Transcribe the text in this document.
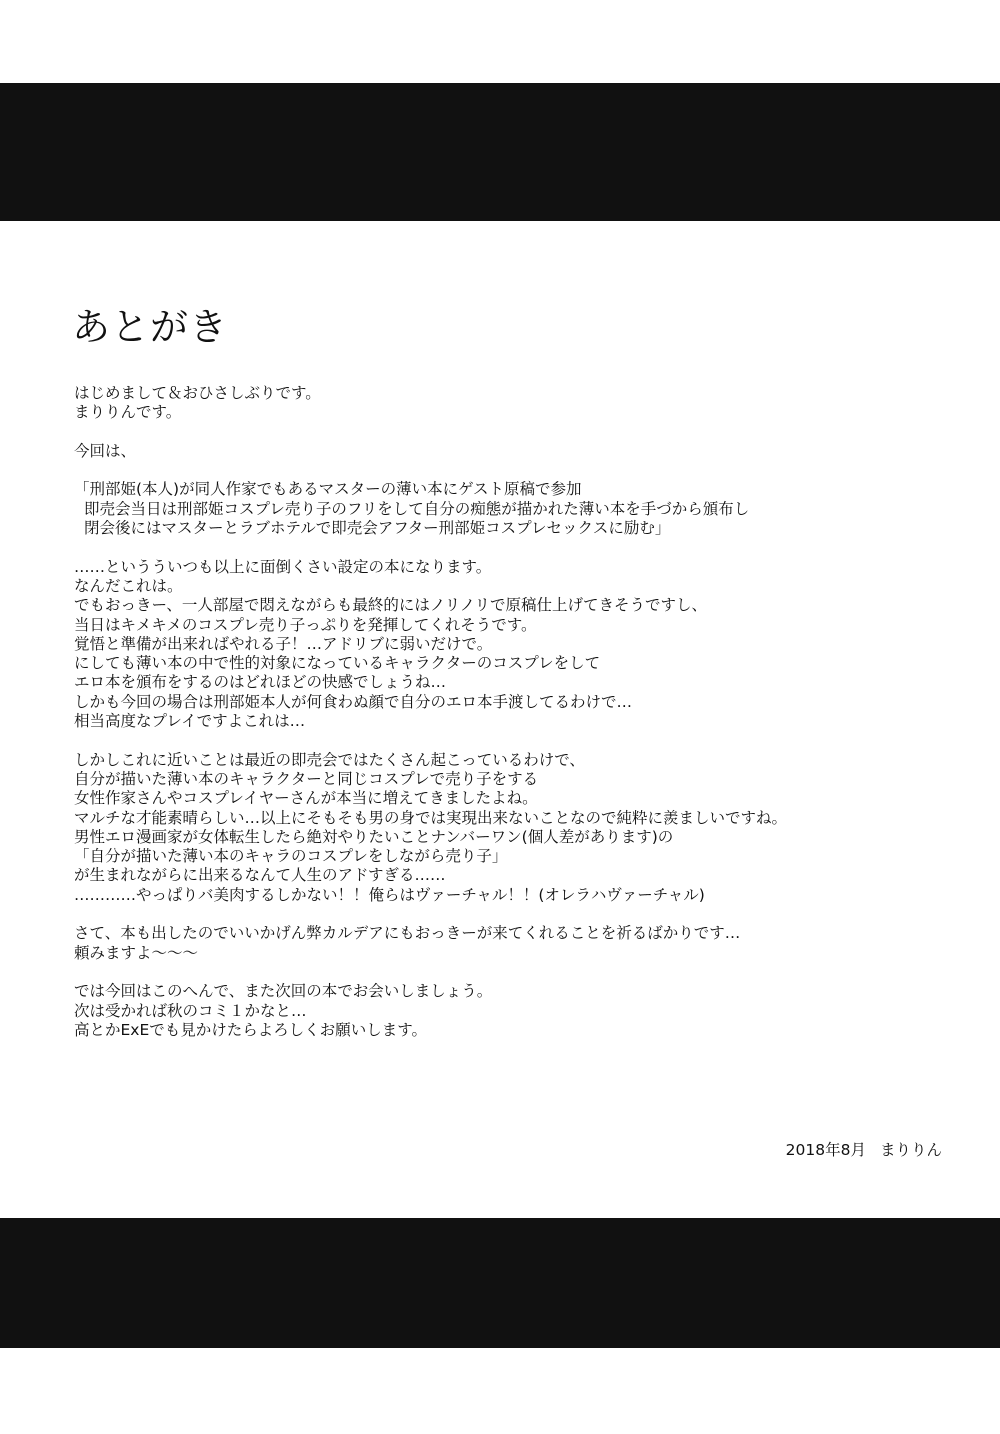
あとがき
はじめまして＆おひさしぶりです。
まりりんです。
今回は、
「刑部姫(本人)が同人作家でもあるマスターの薄い本にゲスト原稿で参加
即売会当日は刑部姫コスプレ売り子のフリをして自分の痴態が描かれた薄い本を手づから頒布し
閉会後にはマスターとラブホテルで即売会アフター刑部姫コスプレセックスに励む」
……というういつも以上に面倒くさい設定の本になります。
なんだこれは。
でもおっきー、一人部屋で悶えながらも最終的にはノリノリで原稿仕上げてきそうですし、
当日はキメキメのコスプレ売り子っぷりを発揮してくれそうです。
覚悟と準備が出来ればやれる子！…アドリブに弱いだけで。
にしても薄い本の中で性的対象になっているキャラクターのコスプレをして
エロ本を頒布をするのはどれほどの快感でしょうね…
しかも今回の場合は刑部姫本人が何食わぬ顔で自分のエロ本手渡してるわけで…
相当高度なプレイですよこれは…
しかしこれに近いことは最近の即売会ではたくさん起こっているわけで、
自分が描いた薄い本のキャラクターと同じコスプレで売り子をする
女性作家さんやコスプレイヤーさんが本当に増えてきましたよね。
マルチな才能素晴らしい…以上にそもそも男の身では実現出来ないことなので純粋に羨ましいですね。
男性エロ漫画家が女体転生したら絶対やりたいことナンバーワン(個人差があります)の
「自分が描いた薄い本のキャラのコスプレをしながら売り子」
が生まれながらに出来るなんて人生のアドすぎる……
…………やっぱりバ美肉するしかない！！俺らはヴァーチャル！！(オレラハヴァーチャル)
さて、本も出したのでいいかげん弊カルデアにもおっきーが来てくれることを祈るばかりです…
頼みますよ〜〜〜
では今回はこのへんで、また次回の本でお会いしましょう。
次は受かれば秋のコミ１かなと…
高とかExEでも見かけたらよろしくお願いします。
2018年8月 まりりん
